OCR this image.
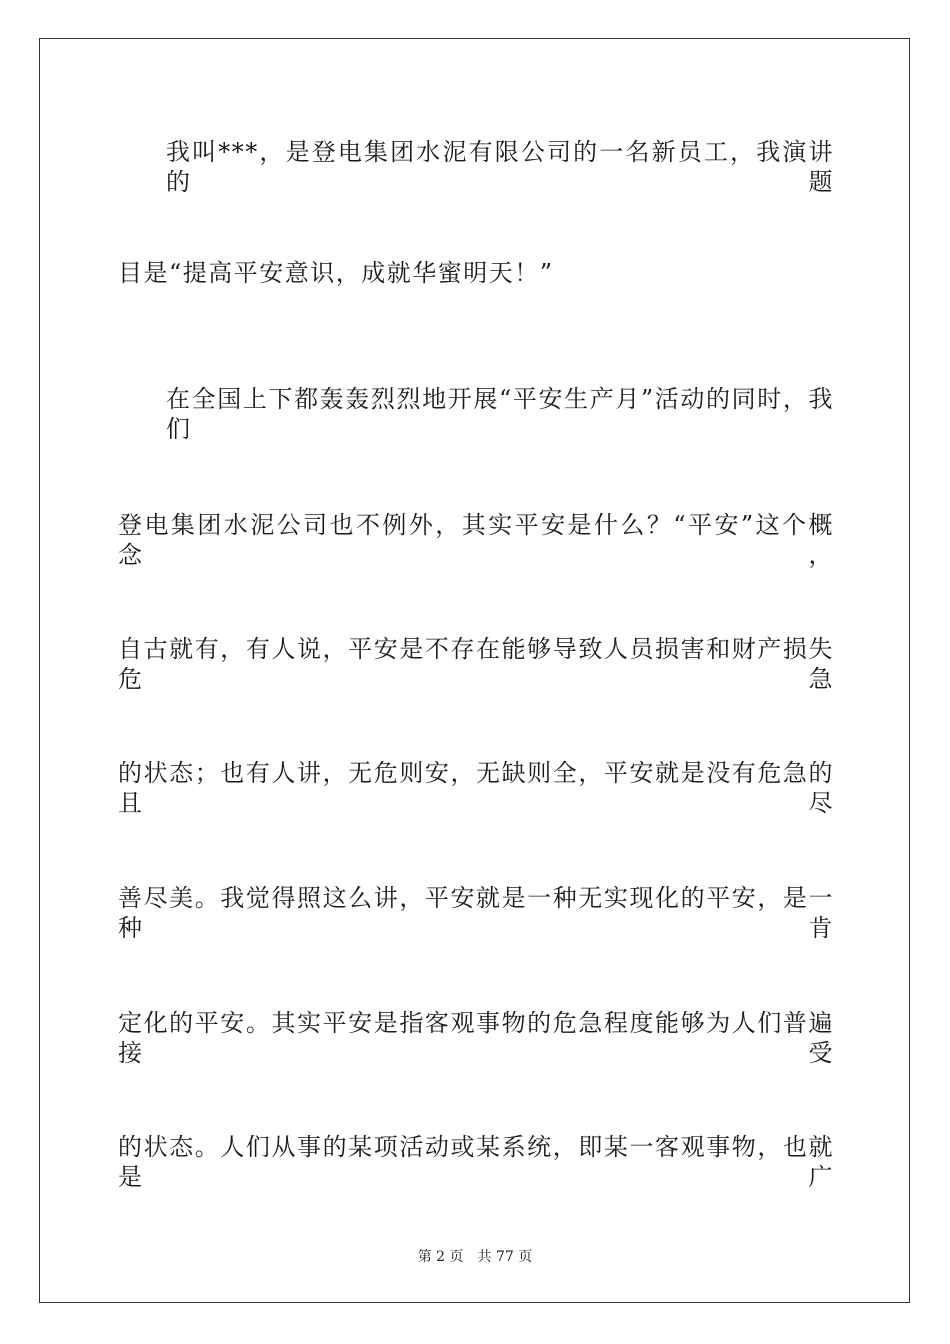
我叫***，是登电集团水泥有限公司的一名新员工，我演讲的题
目是“提高平安意识，成就华蜜明天！”
在全国上下都轰轰烈烈地开展“平安生产月”活动的同时，我们
登电集团水泥公司也不例外，其实平安是什么？“平安”这个概念，
自古就有，有人说，平安是不存在能够导致人员损害和财产损失危急
的状态；也有人讲，无危则安，无缺则全，平安就是没有危急的且尽
善尽美。我觉得照这么讲，平安就是一种无实现化的平安，是一种肯
定化的平安。其实平安是指客观事物的危急程度能够为人们普遍接受
的状态。人们从事的某项活动或某系统，即某一客观事物，也就是广
第 2 页 共 77 页
